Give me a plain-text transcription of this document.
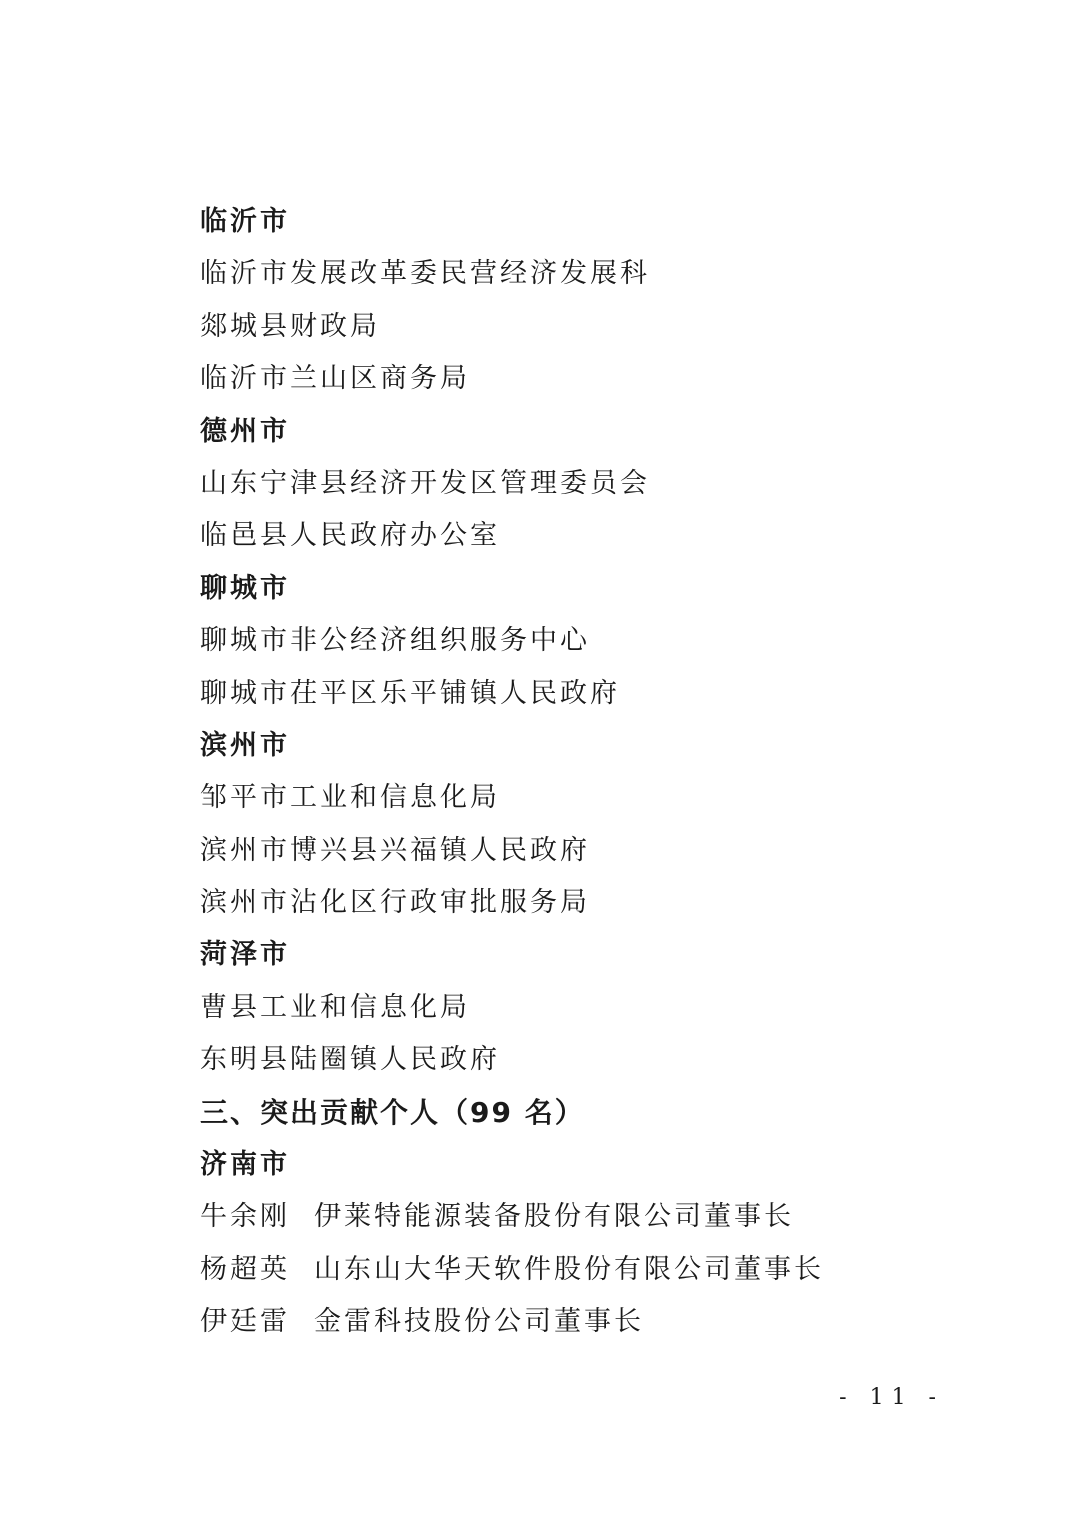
临沂市
临沂市发展改革委民营经济发展科
郯城县财政局
临沂市兰山区商务局
德州市
山东宁津县经济开发区管理委员会
临邑县人民政府办公室
聊城市
聊城市非公经济组织服务中心
聊城市茌平区乐平铺镇人民政府
滨州市
邹平市工业和信息化局
滨州市博兴县兴福镇人民政府
滨州市沾化区行政审批服务局
菏泽市
曹县工业和信息化局
东明县陆圈镇人民政府
三、突出贡献个人（99 名）
济南市
牛余刚 伊莱特能源装备股份有限公司董事长
杨超英 山东山大华天软件股份有限公司董事长
伊廷雷 金雷科技股份公司董事长
- 11 -
